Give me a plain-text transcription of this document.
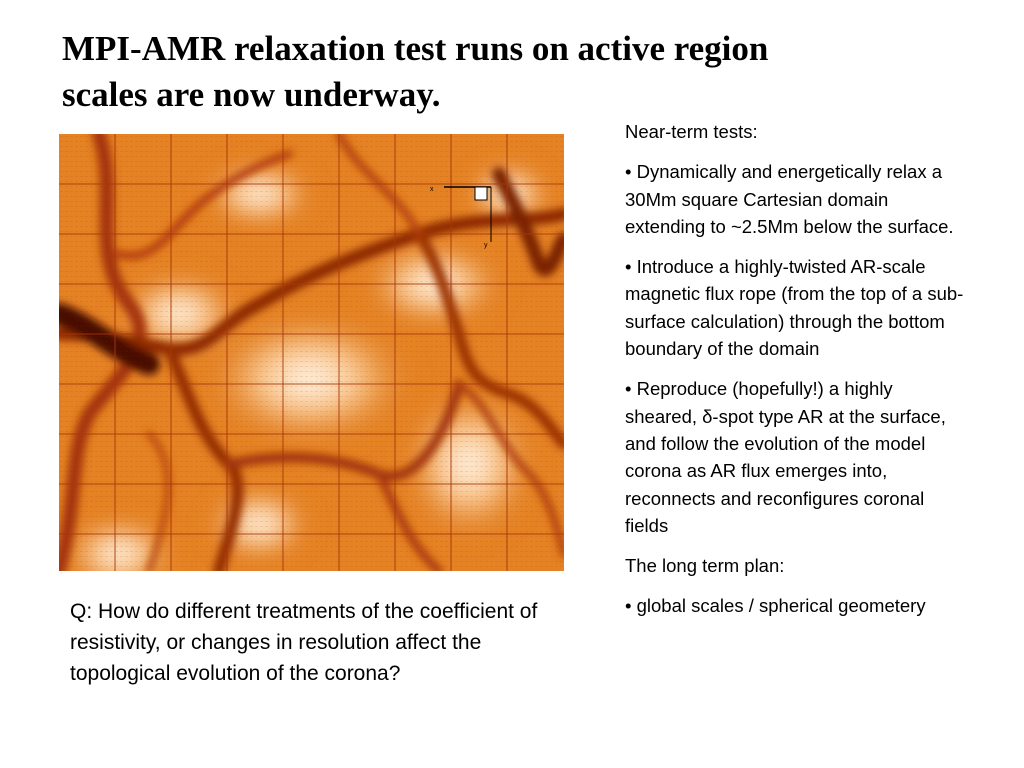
MPI-AMR relaxation test runs on active region
scales are now underway.
x
y
Q: How do different treatments of the coefficient of resistivity, or changes in resolution affect the topological evolution of the corona?

Near-term tests:

• Dynamically and energetically relax a 30Mm square Cartesian domain extending to ~2.5Mm below the surface.

• Introduce a highly-twisted AR-scale magnetic flux rope (from the top of a sub-surface calculation) through the bottom boundary of the domain

• Reproduce (hopefully!) a highly sheared, δ-spot type AR at the surface, and follow the evolution of the model corona as AR flux emerges into, reconnects and reconfigures coronal fields

The long term plan:

• global scales / spherical geometery
